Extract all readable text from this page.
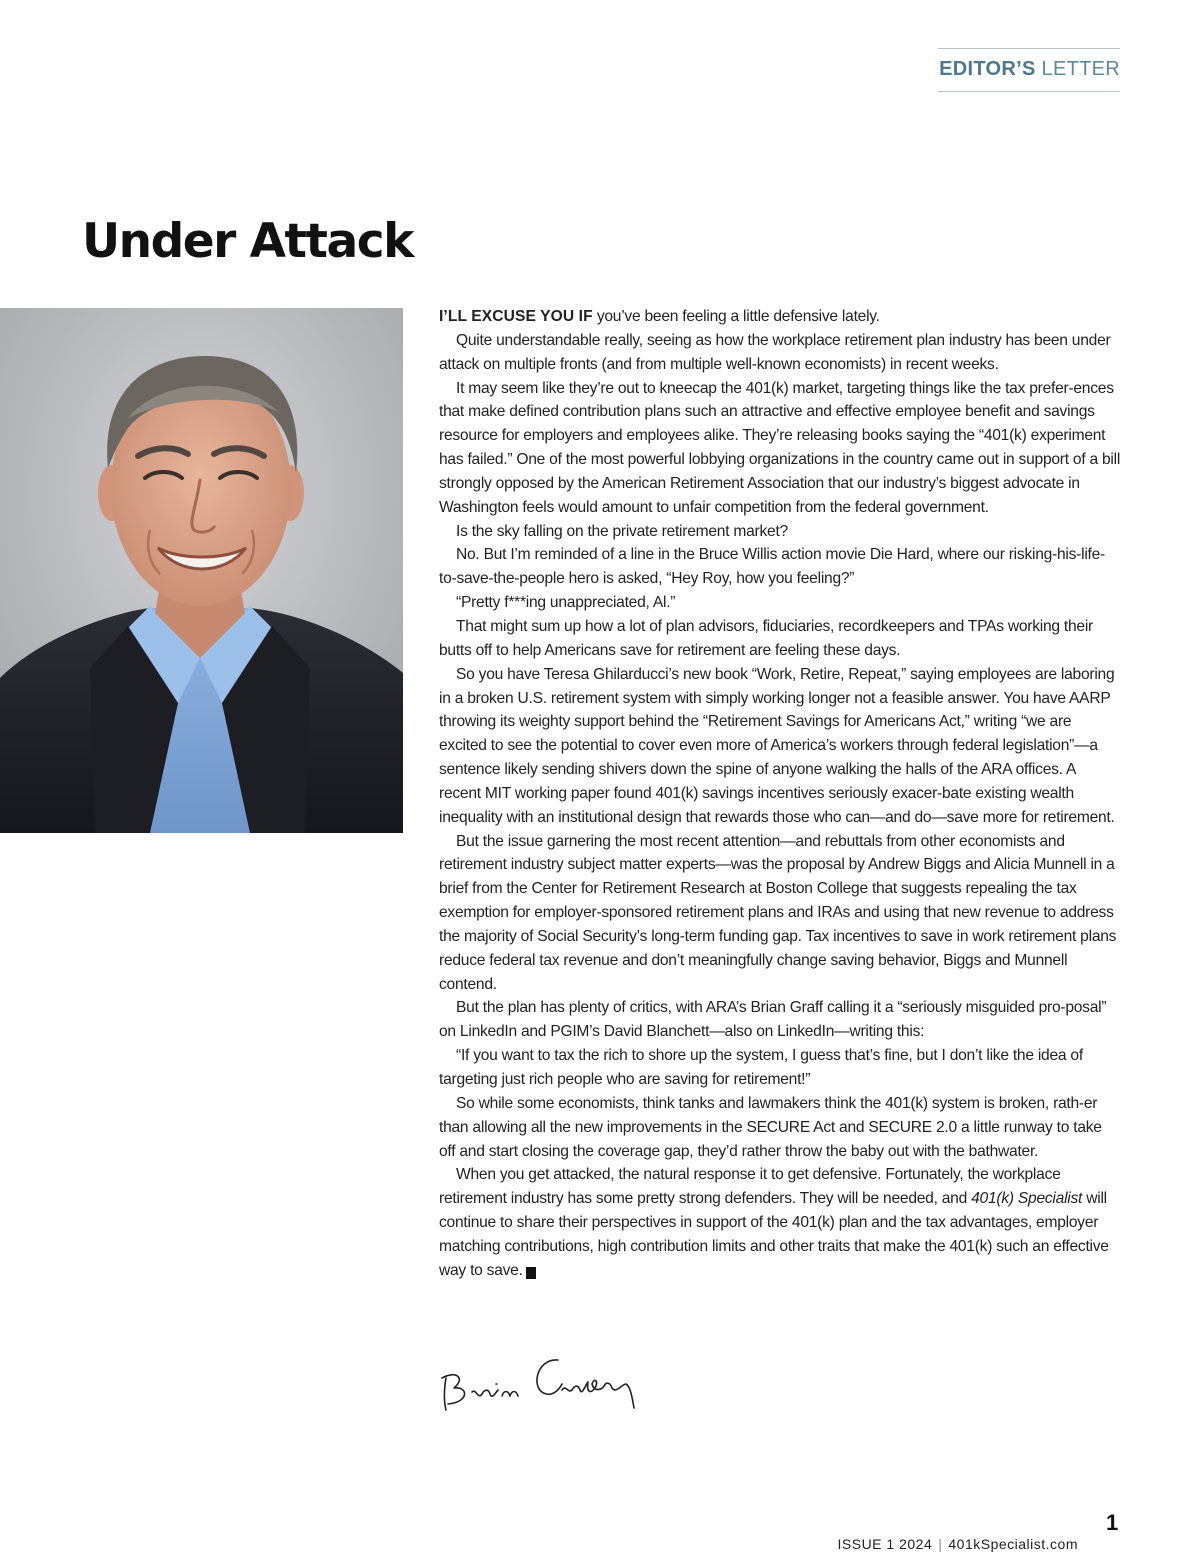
EDITOR’S LETTER
Under Attack

I’LL EXCUSE YOU IF you’ve been feeling a little defensive lately.

Quite understandable really, seeing as how the workplace retirement plan industry has been under attack on multiple fronts (and from multiple well-known economists) in recent weeks.

It may seem like they’re out to kneecap the 401(k) market, targeting things like the tax prefer-ences that make defined contribution plans such an attractive and effective employee benefit and savings resource for employers and employees alike. They’re releasing books saying the “401(k) experiment has failed.” One of the most powerful lobbying organizations in the country came out in support of a bill strongly opposed by the American Retirement Association that our industry’s biggest advocate in Washington feels would amount to unfair competition from the federal government.

Is the sky falling on the private retirement market?

No. But I’m reminded of a line in the Bruce Willis action movie Die Hard, where our risking-his-life-to-save-the-people hero is asked, “Hey Roy, how you feeling?”

“Pretty f***ing unappreciated, Al.”

That might sum up how a lot of plan advisors, fiduciaries, recordkeepers and TPAs working their butts off to help Americans save for retirement are feeling these days.

So you have Teresa Ghilarducci’s new book “Work, Retire, Repeat,” saying employees are laboring in a broken U.S. retirement system with simply working longer not a feasible answer. You have AARP throwing its weighty support behind the “Retirement Savings for Americans Act,” writing “we are excited to see the potential to cover even more of America’s workers through federal legislation”—a sentence likely sending shivers down the spine of anyone walking the halls of the ARA offices. A recent MIT working paper found 401(k) savings incentives seriously exacer-bate existing wealth inequality with an institutional design that rewards those who can—and do—save more for retirement.

But the issue garnering the most recent attention—and rebuttals from other economists and retirement industry subject matter experts—was the proposal by Andrew Biggs and Alicia Munnell in a brief from the Center for Retirement Research at Boston College that suggests repealing the tax exemption for employer-sponsored retirement plans and IRAs and using that new revenue to address the majority of Social Security’s long-term funding gap. Tax incentives to save in work retirement plans reduce federal tax revenue and don’t meaningfully change saving behavior, Biggs and Munnell contend.

But the plan has plenty of critics, with ARA’s Brian Graff calling it a “seriously misguided pro-posal” on LinkedIn and PGIM’s David Blanchett—also on LinkedIn—writing this:

“If you want to tax the rich to shore up the system, I guess that’s fine, but I don’t like the idea of targeting just rich people who are saving for retirement!”

So while some economists, think tanks and lawmakers think the 401(k) system is broken, rath-er than allowing all the new improvements in the SECURE Act and SECURE 2.0 a little runway to take off and start closing the coverage gap, they’d rather throw the baby out with the bathwater.

When you get attacked, the natural response it to get defensive. Fortunately, the workplace retirement industry has some pretty strong defenders. They will be needed, and 401(k) Specialist will continue to share their perspectives in support of the 401(k) plan and the tax advantages, employer matching contributions, high contribution limits and other traits that make the 401(k) such an effective way to save. K

ISSUE 1 2024 | 401kSpecialist.com
1
